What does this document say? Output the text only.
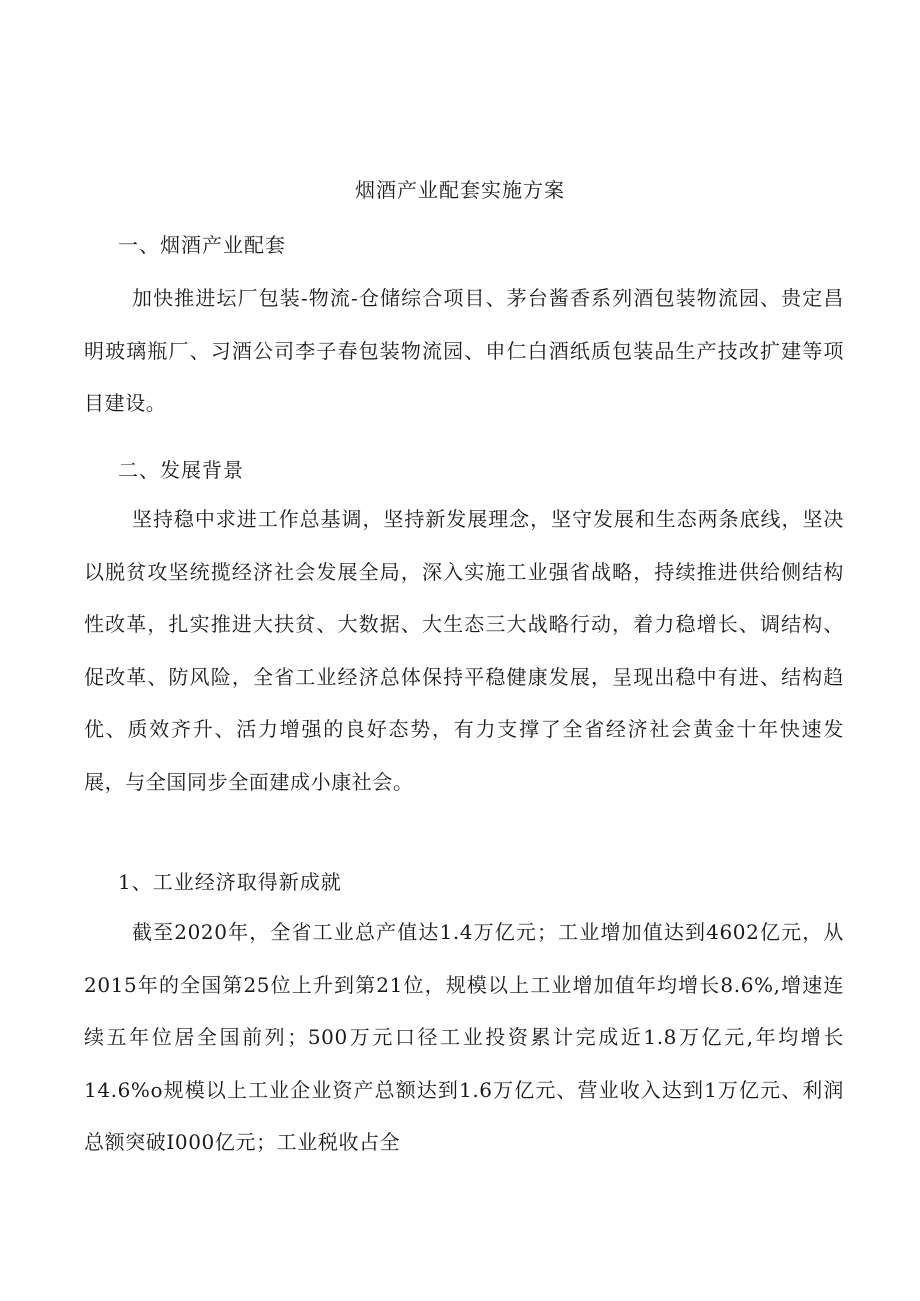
烟酒产业配套实施方案
一、烟酒产业配套
加快推进坛厂包装-物流-仓储综合项目、茅台酱香系列酒包装物流园、贵定昌明玻璃瓶厂、习酒公司李子春包装物流园、申仁白酒纸质包装品生产技改扩建等项目建设。
二、发展背景
坚持稳中求进工作总基调，坚持新发展理念，坚守发展和生态两条底线，坚决以脱贫攻坚统揽经济社会发展全局，深入实施工业强省战略，持续推进供给侧结构性改革，扎实推进大扶贫、大数据、大生态三大战略行动，着力稳增长、调结构、促改革、防风险，全省工业经济总体保持平稳健康发展，呈现出稳中有进、结构趋优、质效齐升、活力增强的良好态势，有力支撑了全省经济社会黄金十年快速发展，与全国同步全面建成小康社会。
1、工业经济取得新成就
截至2020年，全省工业总产值达1.4万亿元；工业增加值达到4602亿元，从2015年的全国第25位上升到第21位，规模以上工业增加值年均增长8.6%,增速连续五年位居全国前列；500万元口径工业投资累计完成近1.8万亿元,年均增长14.6%o规模以上工业企业资产总额达到1.6万亿元、营业收入达到1万亿元、利润总额突破I000亿元；工业税收占全
